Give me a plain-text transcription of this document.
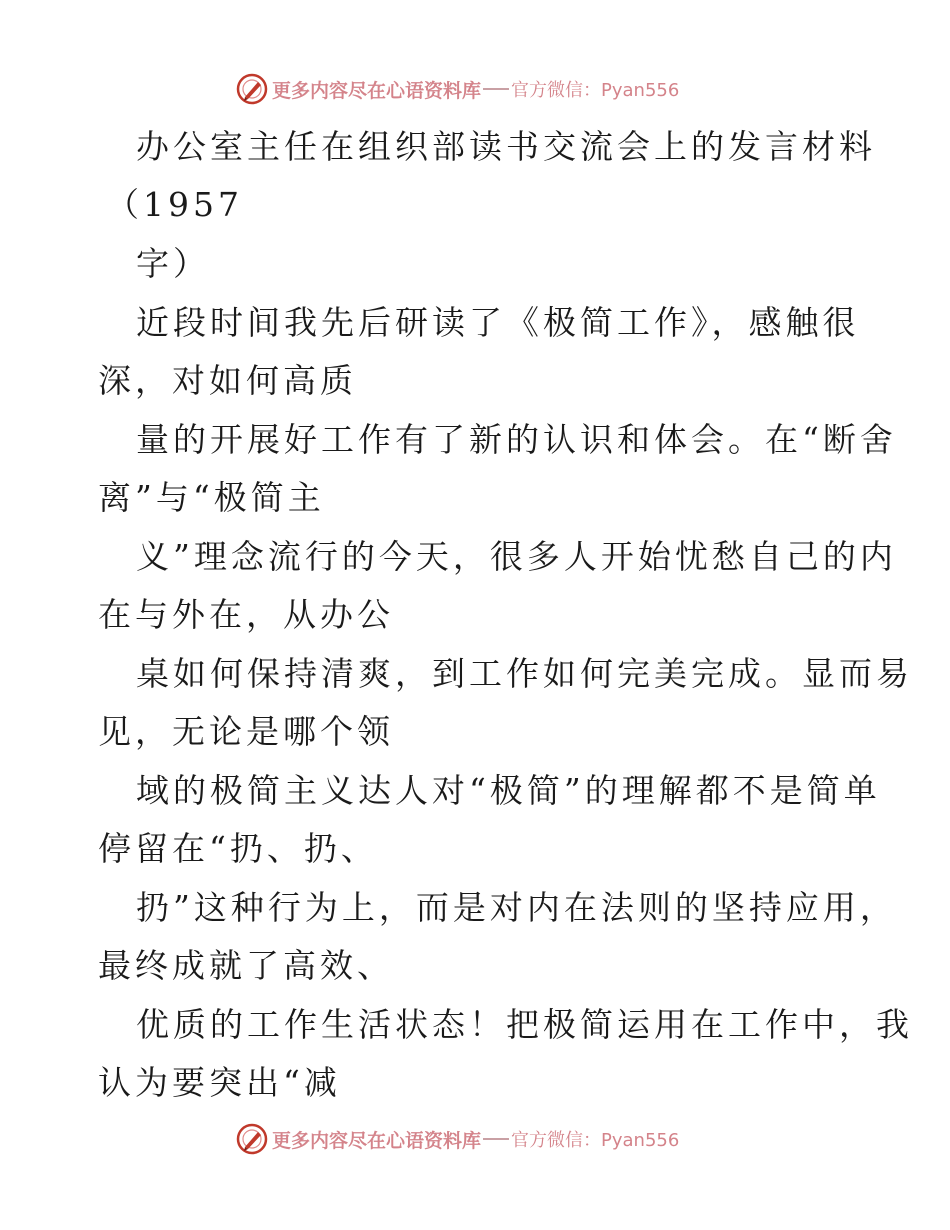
更多内容尽在心语资料库 官方微信：Pyan556
办公室主任在组织部读书交流会上的发言材料
（1957
字）
近段时间我先后研读了《极简工作》，感触很
深，对如何高质
量的开展好工作有了新的认识和体会。在“断舍
离”与“极简主
义”理念流行的今天，很多人开始忧愁自己的内
在与外在，从办公
桌如何保持清爽，到工作如何完美完成。显而易
见，无论是哪个领
域的极简主义达人对“极简”的理解都不是简单
停留在“扔、扔、
扔”这种行为上，而是对内在法则的坚持应用，
最终成就了高效、
优质的工作生活状态！把极简运用在工作中，我
认为要突出“减
更多内容尽在心语资料库 官方微信：Pyan556
